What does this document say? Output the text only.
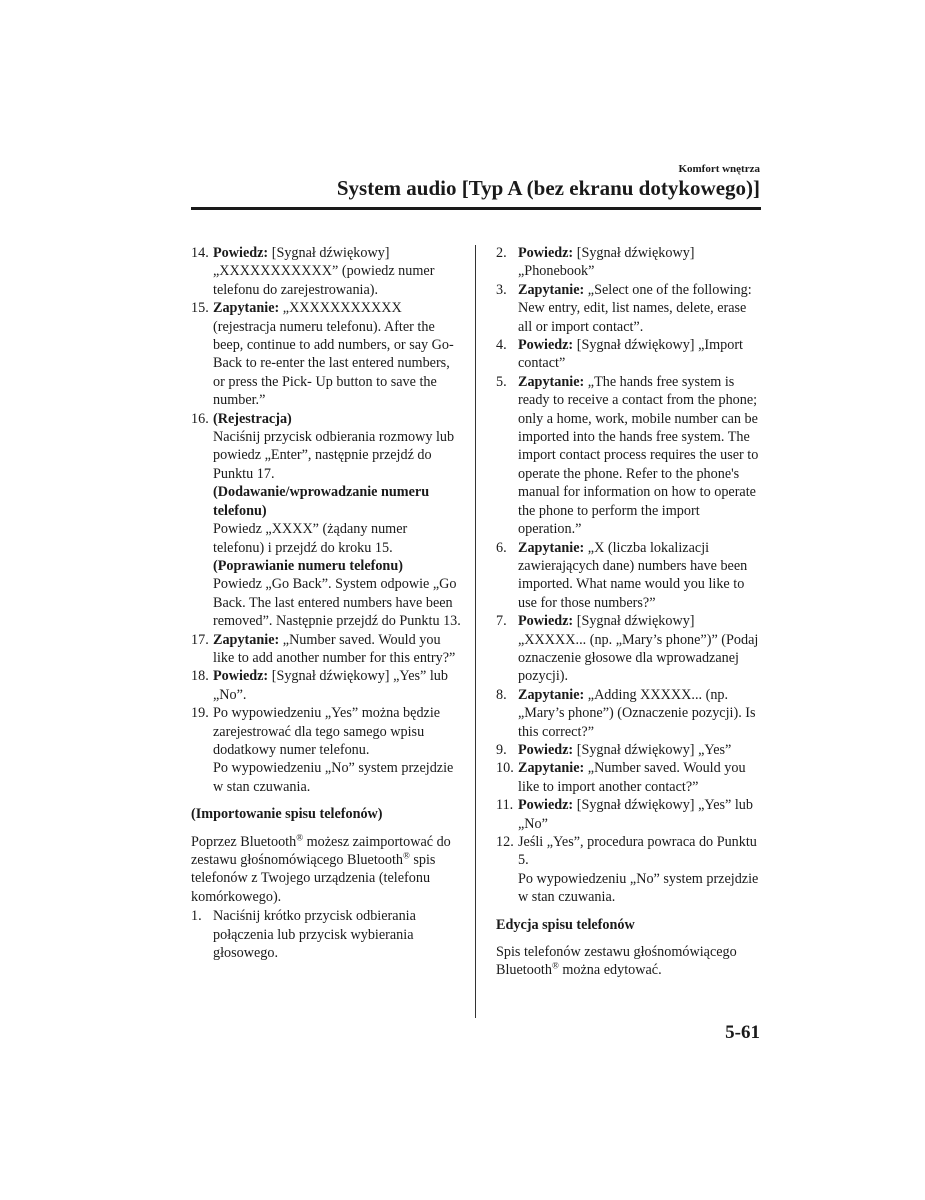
Komfort wnętrza
System audio [Typ A (bez ekranu dotykowego)]
14. Powiedz: [Sygnał dźwiękowy] „XXXXXXXXXXX” (powiedz numer telefonu do zarejestrowania).
15. Zapytanie: „XXXXXXXXXXX (rejestracja numeru telefonu). After the beep, continue to add numbers, or say Go-Back to re-enter the last entered numbers, or press the Pick- Up button to save the number.”
16. (Rejestracja)
Naciśnij przycisk odbierania rozmowy lub powiedz „Enter”, następnie przejdź do Punktu 17.
(Dodawanie/wprowadzanie numeru telefonu)
Powiedz „XXXX” (żądany numer telefonu) i przejdź do kroku 15.
(Poprawianie numeru telefonu)
Powiedz „Go Back”. System odpowie „Go Back. The last entered numbers have been removed”. Następnie przejdź do Punktu 13.
17. Zapytanie: „Number saved. Would you like to add another number for this entry?”
18. Powiedz: [Sygnał dźwiękowy] „Yes” lub „No”.
19. Po wypowiedzeniu „Yes” można będzie zarejestrować dla tego samego wpisu dodatkowy numer telefonu.
Po wypowiedzeniu „No” system przejdzie w stan czuwania.
(Importowanie spisu telefonów)

Poprzez Bluetooth® możesz zaimportować do zestawu głośnomówiącego Bluetooth® spis telefonów z Twojego urządzenia (telefonu komórkowego).

1. Naciśnij krótko przycisk odbierania połączenia lub przycisk wybierania głosowego.
2. Powiedz: [Sygnał dźwiękowy] „Phonebook”
3. Zapytanie: „Select one of the following: New entry, edit, list names, delete, erase all or import contact”.
4. Powiedz: [Sygnał dźwiękowy] „Import contact”
5. Zapytanie: „The hands free system is ready to receive a contact from the phone; only a home, work, mobile number can be imported into the hands free system. The import contact process requires the user to operate the phone. Refer to the phone's manual for information on how to operate the phone to perform the import operation.”
6. Zapytanie: „X (liczba lokalizacji zawierających dane) numbers have been imported. What name would you like to use for those numbers?”
7. Powiedz: [Sygnał dźwiękowy] „XXXXX... (np. „Mary’s phone”)” (Podaj oznaczenie głosowe dla wprowadzanej pozycji).
8. Zapytanie: „Adding XXXXX... (np. „Mary’s phone”) (Oznaczenie pozycji). Is this correct?”
9. Powiedz: [Sygnał dźwiękowy] „Yes”
10. Zapytanie: „Number saved. Would you like to import another contact?”
11. Powiedz: [Sygnał dźwiękowy] „Yes” lub „No”
12. Jeśli „Yes”, procedura powraca do Punktu 5.
Po wypowiedzeniu „No” system przejdzie w stan czuwania.
Edycja spisu telefonów

Spis telefonów zestawu głośnomówiącego Bluetooth® można edytować.

5-61
